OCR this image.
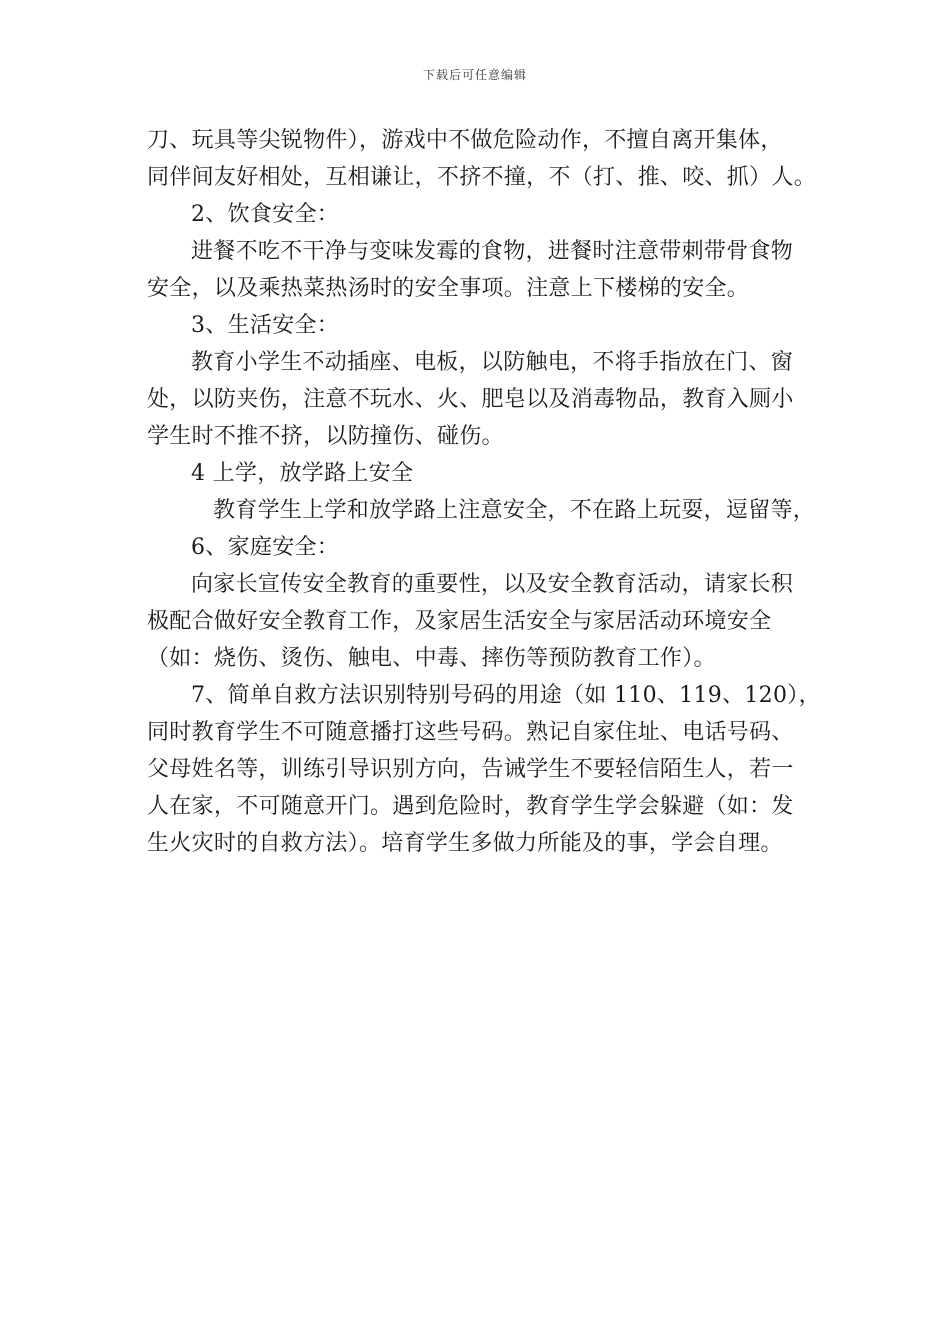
下载后可任意编辑
刀、玩具等尖锐物件），游戏中不做危险动作，不擅自离开集体，
同伴间友好相处，互相谦让，不挤不撞，不（打、推、咬、抓）人。
2、饮食安全：
进餐不吃不干净与变味发霉的食物，进餐时注意带刺带骨食物
安全，以及乘热菜热汤时的安全事项。注意上下楼梯的安全。
3、生活安全：
教育小学生不动插座、电板，以防触电，不将手指放在门、窗
处，以防夹伤，注意不玩水、火、肥皂以及消毒物品，教育入厕小
学生时不推不挤，以防撞伤、碰伤。
4 上学，放学路上安全
教育学生上学和放学路上注意安全，不在路上玩耍，逗留等，
6、家庭安全：
向家长宣传安全教育的重要性，以及安全教育活动，请家长积
极配合做好安全教育工作，及家居生活安全与家居活动环境安全
（如：烧伤、烫伤、触电、中毒、摔伤等预防教育工作）。
7、简单自救方法识别特别号码的用途（如 110、119、120），
同时教育学生不可随意播打这些号码。熟记自家住址、电话号码、
父母姓名等，训练引导识别方向，告诫学生不要轻信陌生人，若一
人在家，不可随意开门。遇到危险时，教育学生学会躲避（如：发
生火灾时的自救方法）。培育学生多做力所能及的事，学会自理。
